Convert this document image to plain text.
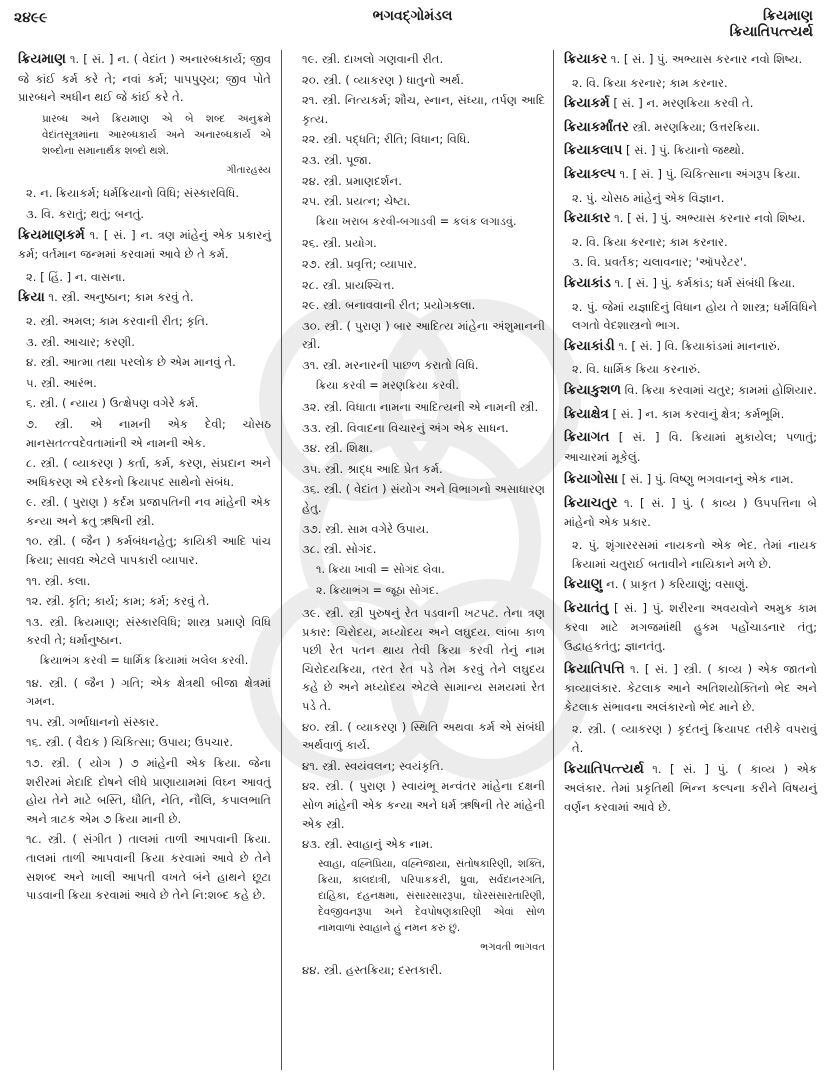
૨૪૯૯	ભગવદ્ગોમંડલ	ક્રિયમાણ
ક્રિયાતિપત્ત્યર્થ

ક્રિયમાણ ૧. [ સં. ] ન. ( વેદાંત ) અનારબ્ધકાર્ય; જીવ જે કાંઈ કર્મ કરે તે; નવાં કર્મ; પાપપુણ્ય; જીવ પોતે પ્રારબ્ધને અધીન થઈ જે કાંઈ કરે તે.

પ્રારબ્ધ અને ક્રિયમાણ એ બે શબ્દ અનુક્રમે વેદાંતસૂત્રમાંના આરબ્ધકાર્ય અને અનારબ્ધકાર્ય એ શબ્દોના સમાનાર્થક શબ્દો થશે.

ગીતારહસ્ય

૨. ન. ક્રિયાકર્મ; ધર્મક્રિયાનો વિધિ; સંસ્કારવિધિ.

૩. વિ. કરાતું; થતું; બનતું.

ક્રિયમાણકર્મ ૧. [ સં. ] ન. ત્રણ માંહેનું એક પ્રકારનું કર્મ; વર્તમાન જન્મમાં કરવામાં આવે છે તે કર્મ.

૨. [ હિં. ] ન. વાસના.

ક્રિયા ૧. સ્ત્રી. અનુષ્ઠાન; કામ કરવું તે.

૨. સ્ત્રી. અમલ; કામ કરવાની રીત; કૃતિ.

૩. સ્ત્રી. આચાર; કરણી.

૪. સ્ત્રી. આત્મા તથા પરલોક છે એમ માનવું તે.

૫. સ્ત્રી. આરંભ.

૬. સ્ત્રી. ( ન્યાય ) ઉત્ક્ષેપણ વગેરે કર્મ.

૭. સ્ત્રી. એ નામની એક દેવી; ચોસઠ માનસતત્ત્વદેવતામાંની એ નામની એક.

૮. સ્ત્રી. ( વ્યાકરણ ) કર્તા, કર્મ, કરણ, સંપ્રદાન અને અધિકરણ એ દરેકનો ક્રિયાપદ સાથેનો સંબંધ.

૯. સ્ત્રી. ( પુરાણ ) કર્દમ પ્રજાપતિની નવ માંહેની એક કન્યા અને ક્રતુ ઋષિની સ્ત્રી.

૧૦. સ્ત્રી. ( જૈન ) કર્મબંધનહેતુ; કાયિકી આદિ પાંચ ક્રિયા; સાવદ્ય એટલે પાપકારી વ્યાપાર.

૧૧. સ્ત્રી. કલા.

૧૨. સ્ત્રી. કૃતિ; કાર્ય; કામ; કર્મ; કરવું તે.

૧૩. સ્ત્રી. ક્રિયમાણ; સંસ્કારવિધિ; શાસ્ત્ર પ્રમાણે વિધિ કરવી તે; ધર્માનુષ્ઠાન.

ક્રિયાભંગ કરવી = ધાર્મિક ક્રિયામાં ખલેલ કરવી.

૧૪. સ્ત્રી. ( જૈન ) ગતિ; એક ક્ષેત્રથી બીજા ક્ષેત્રમાં ગમન.

૧૫. સ્ત્રી. ગર્ભાધાનનો સંસ્કાર.

૧૬. સ્ત્રી. ( વૈદ્યક ) ચિકિત્સા; ઉપાય; ઉપચાર.

૧૭. સ્ત્રી. ( યોગ ) ૭ માંહેની એક ક્રિયા. જેના શરીરમાં મેદાદિ દોષને લીધે પ્રાણાયામમાં વિઘ્ન આવતું હોય તેને માટે બસ્તિ, ધૌતિ, નેતિ, નૌલિ, કપાલભાતિ અને ત્રાટક એમ ૭ ક્રિયા માની છે.

૧૮. સ્ત્રી. ( સંગીત ) તાલમાં તાળી આપવાની ક્રિયા. તાલમાં તાળી આપવાની ક્રિયા કરવામાં આવે છે તેને સશબ્દ અને ખાલી આપતી વખતે બંને હાથને છૂટા પાડવાની ક્રિયા કરવામાં આવે છે તેને નિ:શબ્દ કહે છે.

૧૯. સ્ત્રી. દાખલો ગણવાની રીત.

૨૦. સ્ત્રી. ( વ્યાકરણ ) ધાતુનો અર્થ.

૨૧. સ્ત્રી. નિત્યકર્મ; શૌચ, સ્નાન, સંધ્યા, તર્પણ આદિ કૃત્ય.

૨૨. સ્ત્રી. પદ્ધતિ; રીતિ; વિધાન; વિધિ.

૨૩. સ્ત્રી. પૂજા.

૨૪. સ્ત્રી. પ્રમાણદર્શન.

૨૫. સ્ત્રી. પ્રયત્ન; ચેષ્ટા.

ક્રિયા ખરાબ કરવી-બગાડવી = કલંક લગાડવું.

૨૬. સ્ત્રી. પ્રયોગ.

૨૭. સ્ત્રી. પ્રવૃત્તિ; વ્યાપાર.

૨૮. સ્ત્રી. પ્રાયશ્ચિત્ત.

૨૯. સ્ત્રી. બનાવવાની રીત; પ્રયોગકલા.

૩૦. સ્ત્રી. ( પુરાણ ) બાર આદિત્ય માંહેના અંશુમાનની સ્ત્રી.

૩૧. સ્ત્રી. મરનારની પાછળ કરાતો વિધિ.

ક્રિયા કરવી = મરણક્રિયા કરવી.

૩૨. સ્ત્રી. વિધાતા નામના આદિત્યની એ નામની સ્ત્રી.

૩૩. સ્ત્રી. વિવાદના વિચારનું અંગ એક સાધન.

૩૪. સ્ત્રી. શિક્ષા.

૩૫. સ્ત્રી. શ્રાદ્ધ આદિ પ્રેત કર્મ.

૩૬. સ્ત્રી. ( વેદાંત ) સંયોગ અને વિભાગનો અસાધારણ હેતુ.

૩૭. સ્ત્રી. સામ વગેરે ઉપાય.

૩૮. સ્ત્રી. સોગંદ.

૧. ક્રિયા ખાવી = સોગંદ લેવા.

૨. ક્રિયાભંગ = જૂઠા સોગંદ.

૩૯. સ્ત્રી. સ્ત્રી પુરુષનું રેત પડવાની ખટપટ. તેના ત્રણ પ્રકાર: ચિરોદય, મધ્યોદય અને લઘુદય. લાંબા કાળ પછી રેત પતન થાય તેવી ક્રિયા કરવી તેનું નામ ચિરોદયક્રિયા, તરત રેત પડે તેમ કરવું તેને લઘુદય કહે છે અને મધ્યોદય એટલે સામાન્ય સમયમાં રેત પડે તે.

૪૦. સ્ત્રી. ( વ્યાકરણ ) સ્થિતિ અથવા કર્મ એ સંબંધી અર્થવાળું કાર્ય.

૪૧. સ્ત્રી. સ્વયંવલન; સ્વયંકૃતિ.

૪૨. સ્ત્રી. ( પુરાણ ) સ્વાયંભૂ મન્વંતર માંહેના દક્ષની સોળ માંહેની એક કન્યા અને ધર્મ ઋષિની તેર માંહેની એક સ્ત્રી.

૪૩. સ્ત્રી. સ્વાહાનું એક નામ.

સ્વાહા, વહ્નિપ્રિયા, વહ્નિજાયા, સંતોષકારિણી, શક્તિ, ક્રિયા, કાલદાત્રી, પરિપાકકરી, ધ્રુવા, સર્વદાનરગતિ, દાહિકા, દહનક્ષમા, સંસારસારરૂપા, ઘોરસંસારતારિણી, દેવજીવનરૂપા અને દેવપોષણકારિણી એવાં સોળ નામવાળાં સ્વાહાને હું નમન કરું છું.

ભગવતી ભાગવત

૪૪. સ્ત્રી. હસ્તક્રિયા; દસ્તકારી.

ક્રિયાકર ૧. [ સં. ] પું. અભ્યાસ કરનાર નવો શિષ્ય.

૨. વિ. ક્રિયા કરનાર; કામ કરનાર.

ક્રિયાકર્મ [ સં. ] ન. મરણક્રિયા કરવી તે.

ક્રિયાકર્માંતર સ્ત્રી. મરણક્રિયા; ઉત્તરક્રિયા.

ક્રિયાકલાપ [ સં. ] પું. ક્રિયાનો જથ્થો.

ક્રિયાકલ્પ ૧. [ સં. ] પું. ચિકિત્સાના અંગરૂપ ક્રિયા.

૨. પું. ચોસઠ માંહેનું એક વિજ્ઞાન.

ક્રિયાકાર ૧. [ સં. ] પું. અભ્યાસ કરનાર નવો શિષ્ય.

૨. વિ. ક્રિયા કરનાર; કામ કરનાર.

૩. વિ. પ્રવર્તક; ચલાવનાર; 'ઑપરેટર'.

ક્રિયાકાંડ ૧. [ સં. ] પું. કર્મકાંડ; ધર્મ સંબંધી ક્રિયા.

૨. પું. જેમાં યજ્ઞાદિનું વિધાન હોય તે શાસ્ત્ર; ધર્મવિધિને લગતો વેદશાસ્ત્રનો ભાગ.

ક્રિયાકાંડી ૧. [ સં. ] વિ. ક્રિયાકાંડમાં માનનારું.

૨. વિ. ધાર્મિક ક્રિયા કરનારું.

ક્રિયાકુશળ વિ. ક્રિયા કરવામાં ચતુર; કામમાં હોશિયાર.

ક્રિયાક્ષેત્ર [ સં. ] ન. કામ કરવાનું ક્ષેત્ર; કર્મભૂમિ.

ક્રિયાગત [ સં. ] વિ. ક્રિયામાં મુકાયેલ; પળાતું; આચારમાં મૂકેલું.

ક્રિયાગોસા [ સં. ] પું. વિષ્ણુ ભગવાનનું એક નામ.

ક્રિયાચતુર ૧. [ સં. ] પું. ( કાવ્ય ) ઉપપત્તિના બે માંહેનો એક પ્રકાર.

૨. પું. શૃંગારરસમાં નાયકનો એક ભેદ. તેમાં નાયક ક્રિયામાં ચતુરાઈ બતાવીને નાયિકાને મળે છે.

ક્રિયાણુ ન. ( પ્રાકૃત ) કરિયાણું; વસાણું.

ક્રિયાતંતુ [ સં. ] પું. શરીરના અવયવોને અમુક કામ કરવા માટે મગજમાંથી હુકમ પહોંચાડનાર તંતુ; ઉદ્વાહકતંતુ; જ્ઞાનતંતુ.

ક્રિયાતિપત્તિ ૧. [ સં. ] સ્ત્રી. ( કાવ્ય ) એક જાતનો કાવ્યાલંકાર. કેટલાક આને અતિશયોક્તિનો ભેદ અને કેટલાક સંભાવના અલંકારનો ભેદ માને છે.

૨. સ્ત્રી. ( વ્યાકરણ ) કૃદંતનું ક્રિયાપદ તરીકે વપરાવું તે.

ક્રિયાતિપત્ત્યર્થ ૧. [ સં. ] પું. ( કાવ્ય ) એક અલંકાર. તેમાં પ્રકૃતિથી ભિન્ન કલ્પના કરીને વિષયનું વર્ણન કરવામાં આવે છે.
